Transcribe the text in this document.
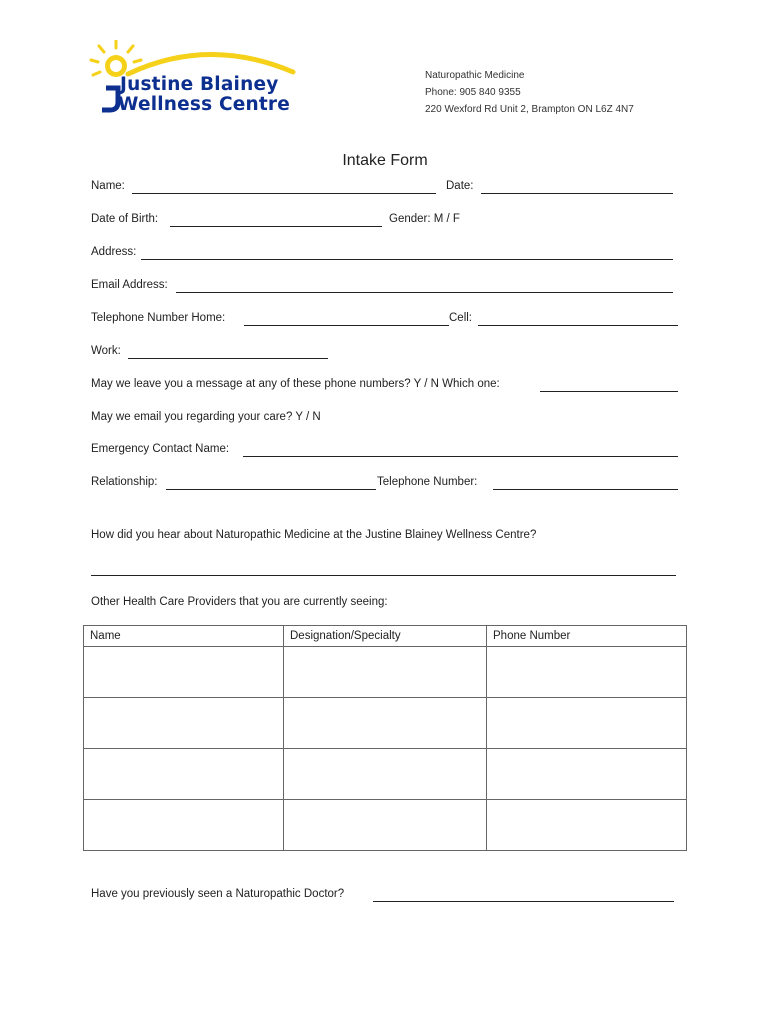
Justine Blainey
Wellness Centre
Naturopathic Medicine
Phone: 905 840 9355
220 Wexford Rd Unit 2, Brampton ON L6Z 4N7
Intake Form
Name:	Date:
Date of Birth:	Gender: M / F
Address:
Email Address:
Telephone Number Home:	Cell:
Work:
May we leave you a message at any of these phone numbers? Y / N Which one:
May we email you regarding your care? Y / N
Emergency Contact Name:
Relationship:	Telephone Number:
How did you hear about Naturopathic Medicine at the Justine Blainey Wellness Centre?
Other Health Care Providers that you are currently seeing:
Name	Designation/Specialty	Phone Number

Have you previously seen a Naturopathic Doctor?
